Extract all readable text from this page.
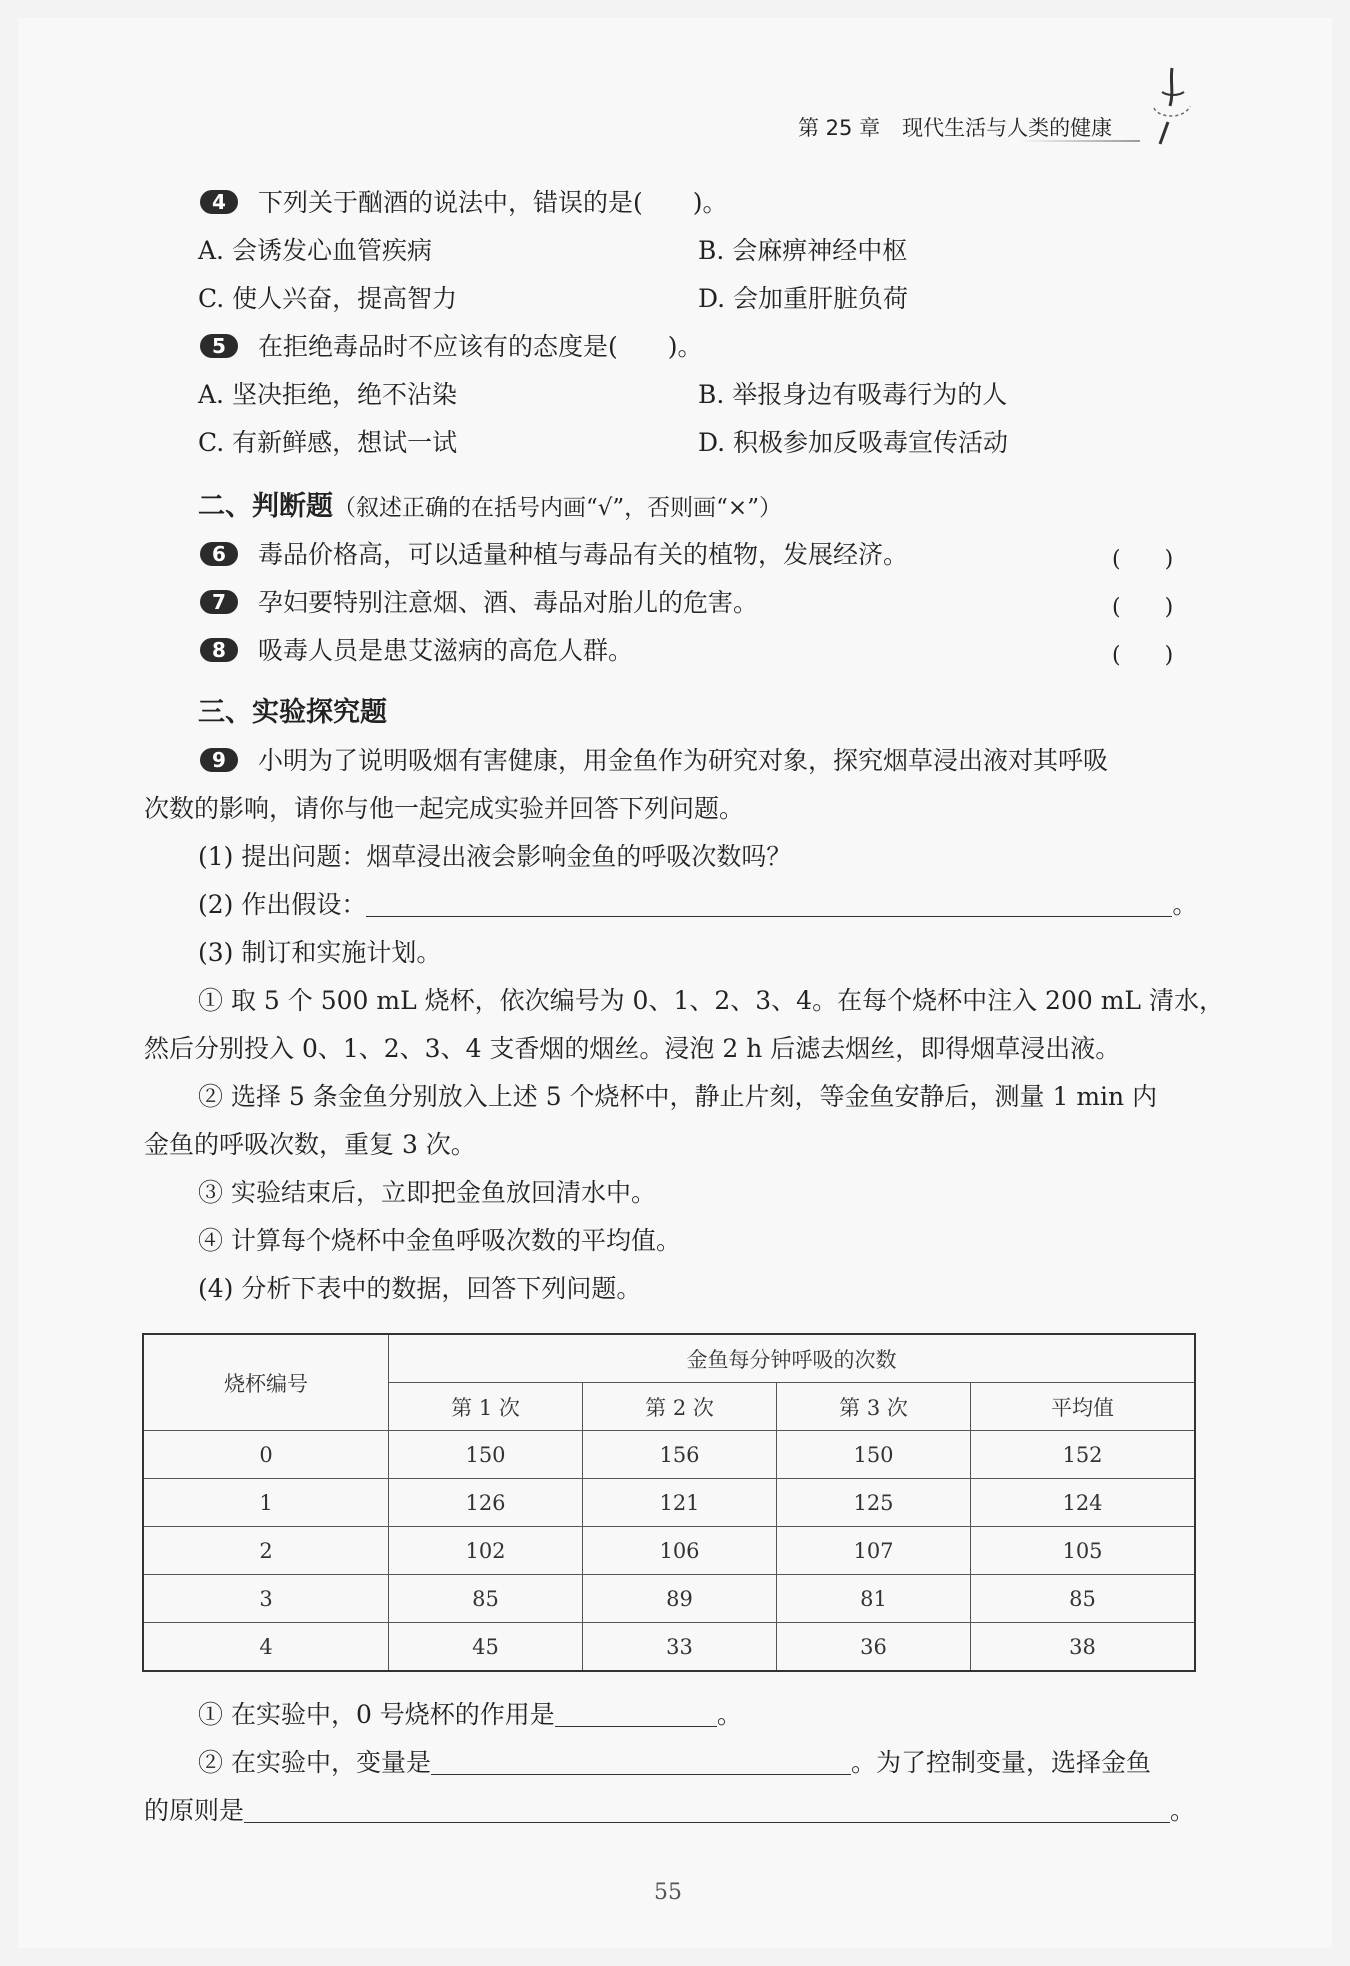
第 25 章 现代生活与人类的健康
4 下列关于酗酒的说法中，错误的是(　　)。
A. 会诱发心血管疾病	B. 会麻痹神经中枢
C. 使人兴奋，提高智力	D. 会加重肝脏负荷
5 在拒绝毒品时不应该有的态度是(　　)。
A. 坚决拒绝，绝不沾染	B. 举报身边有吸毒行为的人
C. 有新鲜感，想试一试	D. 积极参加反吸毒宣传活动
二、判断题（叙述正确的在括号内画“√”，否则画“×”）
6 毒品价格高，可以适量种植与毒品有关的植物，发展经济。	(　　)
7 孕妇要特别注意烟、酒、毒品对胎儿的危害。	(　　)
8 吸毒人员是患艾滋病的高危人群。	(　　)
三、实验探究题
9 小明为了说明吸烟有害健康，用金鱼作为研究对象，探究烟草浸出液对其呼吸
次数的影响，请你与他一起完成实验并回答下列问题。
(1) 提出问题：烟草浸出液会影响金鱼的呼吸次数吗？
(2) 作出假设：	。
(3) 制订和实施计划。
① 取 5 个 500 mL 烧杯，依次编号为 0、1、2、3、4。在每个烧杯中注入 200 mL 清水，
然后分别投入 0、1、2、3、4 支香烟的烟丝。浸泡 2 h 后滤去烟丝，即得烟草浸出液。
② 选择 5 条金鱼分别放入上述 5 个烧杯中，静止片刻，等金鱼安静后，测量 1 min 内
金鱼的呼吸次数，重复 3 次。
③ 实验结束后，立即把金鱼放回清水中。
④ 计算每个烧杯中金鱼呼吸次数的平均值。
(4) 分析下表中的数据，回答下列问题。
烧杯编号	金鱼每分钟呼吸的次数			
	第 1 次	第 2 次	第 3 次	平均值
0	150	156	150	152
1	126	121	125	124
2	102	106	107	105
3	85	89	81	85
4	45	33	36	38
① 在实验中，0 号烧杯的作用是	。
② 在实验中，变量是	。为了控制变量，选择金鱼
的原则是	。
55
